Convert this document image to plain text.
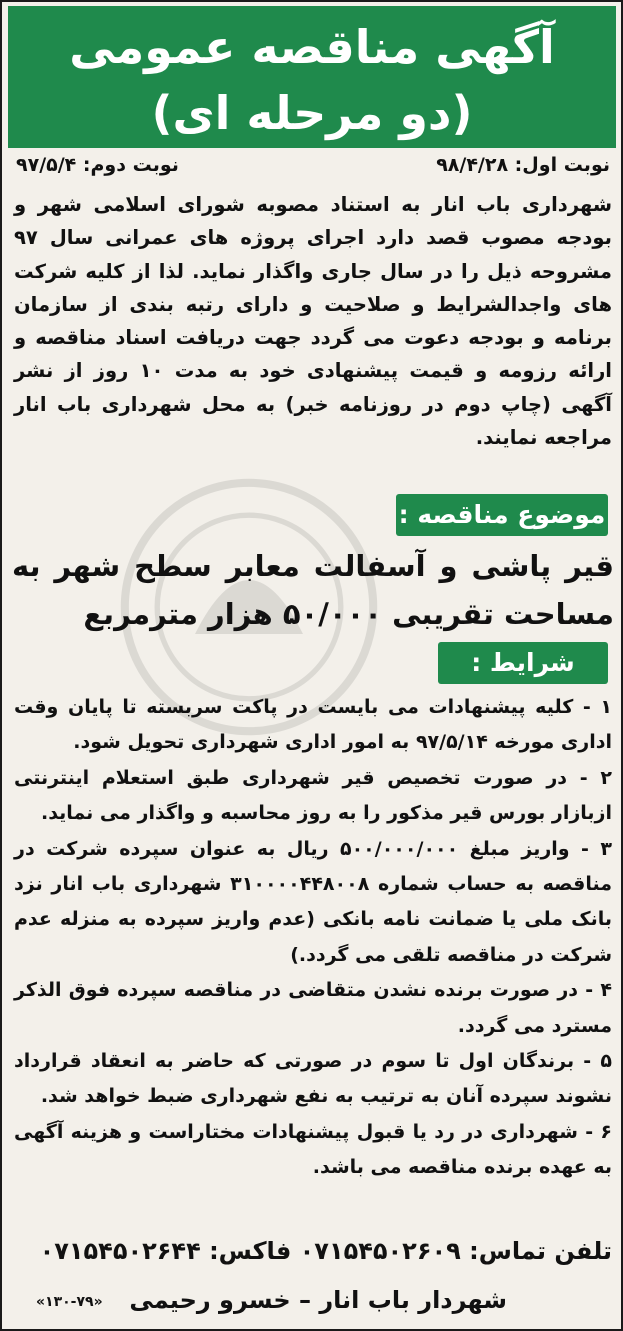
آگهی مناقصه عمومی
(دو مرحله ای)
نوبت اول: ۹۸/۴/۲۸
نوبت دوم: ۹۷/۵/۴
شهرداری باب انار به استناد مصوبه شورای اسلامی شهر و بودجه مصوب قصد دارد اجرای پروژه های عمرانی سال ۹۷ مشروحه ذیل را در سال جاری واگذار نماید. لذا از کلیه شرکت های واجدالشرایط و صلاحیت و دارای رتبه بندی از سازمان برنامه و بودجه دعوت می گردد جهت دریافت اسناد مناقصه و ارائه رزومه و قیمت پیشنهادی خود به مدت ۱۰ روز از نشر آگهی (چاپ دوم در روزنامه خبر) به محل شهرداری باب انار مراجعه نمایند.
موضوع مناقصه :
قیر پاشی و آسفالت معابر سطح شهر به مساحت تقریبی ۵۰/۰۰۰ هزار مترمربع
شرایط :
۱ - کلیه پیشنهادات می بایست در پاکت سربسته تا پایان وقت اداری مورخه ۹۷/۵/۱۴ به امور اداری شهرداری تحویل شود.
۲ - در صورت تخصیص قیر شهرداری طبق استعلام اینترنتی ازبازار بورس قیر مذکور را به روز محاسبه و واگذار می نماید.
۳ - واریز مبلغ ۵۰۰/۰۰۰/۰۰۰ ریال به عنوان سپرده شرکت در مناقصه به حساب شماره ۳۱۰۰۰۰۴۴۸۰۰۸ شهرداری باب انار نزد بانک ملی یا ضمانت نامه بانکی (عدم واریز سپرده به منزله عدم شرکت در مناقصه تلقی می گردد.)
۴ - در صورت برنده نشدن متقاضی در مناقصه سپرده فوق الذکر مسترد می گردد.
۵ - برندگان اول تا سوم در صورتی که حاضر به انعقاد قرارداد نشوند سپرده آنان به ترتیب به نفع شهرداری ضبط خواهد شد.
۶ - شهرداری در رد یا قبول پیشنهادات مختاراست و هزینه آگهی به عهده برنده مناقصه می باشد.
تلفن تماس: ۰۷۱۵۴۵۰۲۶۰۹ فاکس: ۰۷۱۵۴۵۰۲۶۴۴
شهردار باب انار – خسرو رحیمی
«۱۳۰-۷۹»
